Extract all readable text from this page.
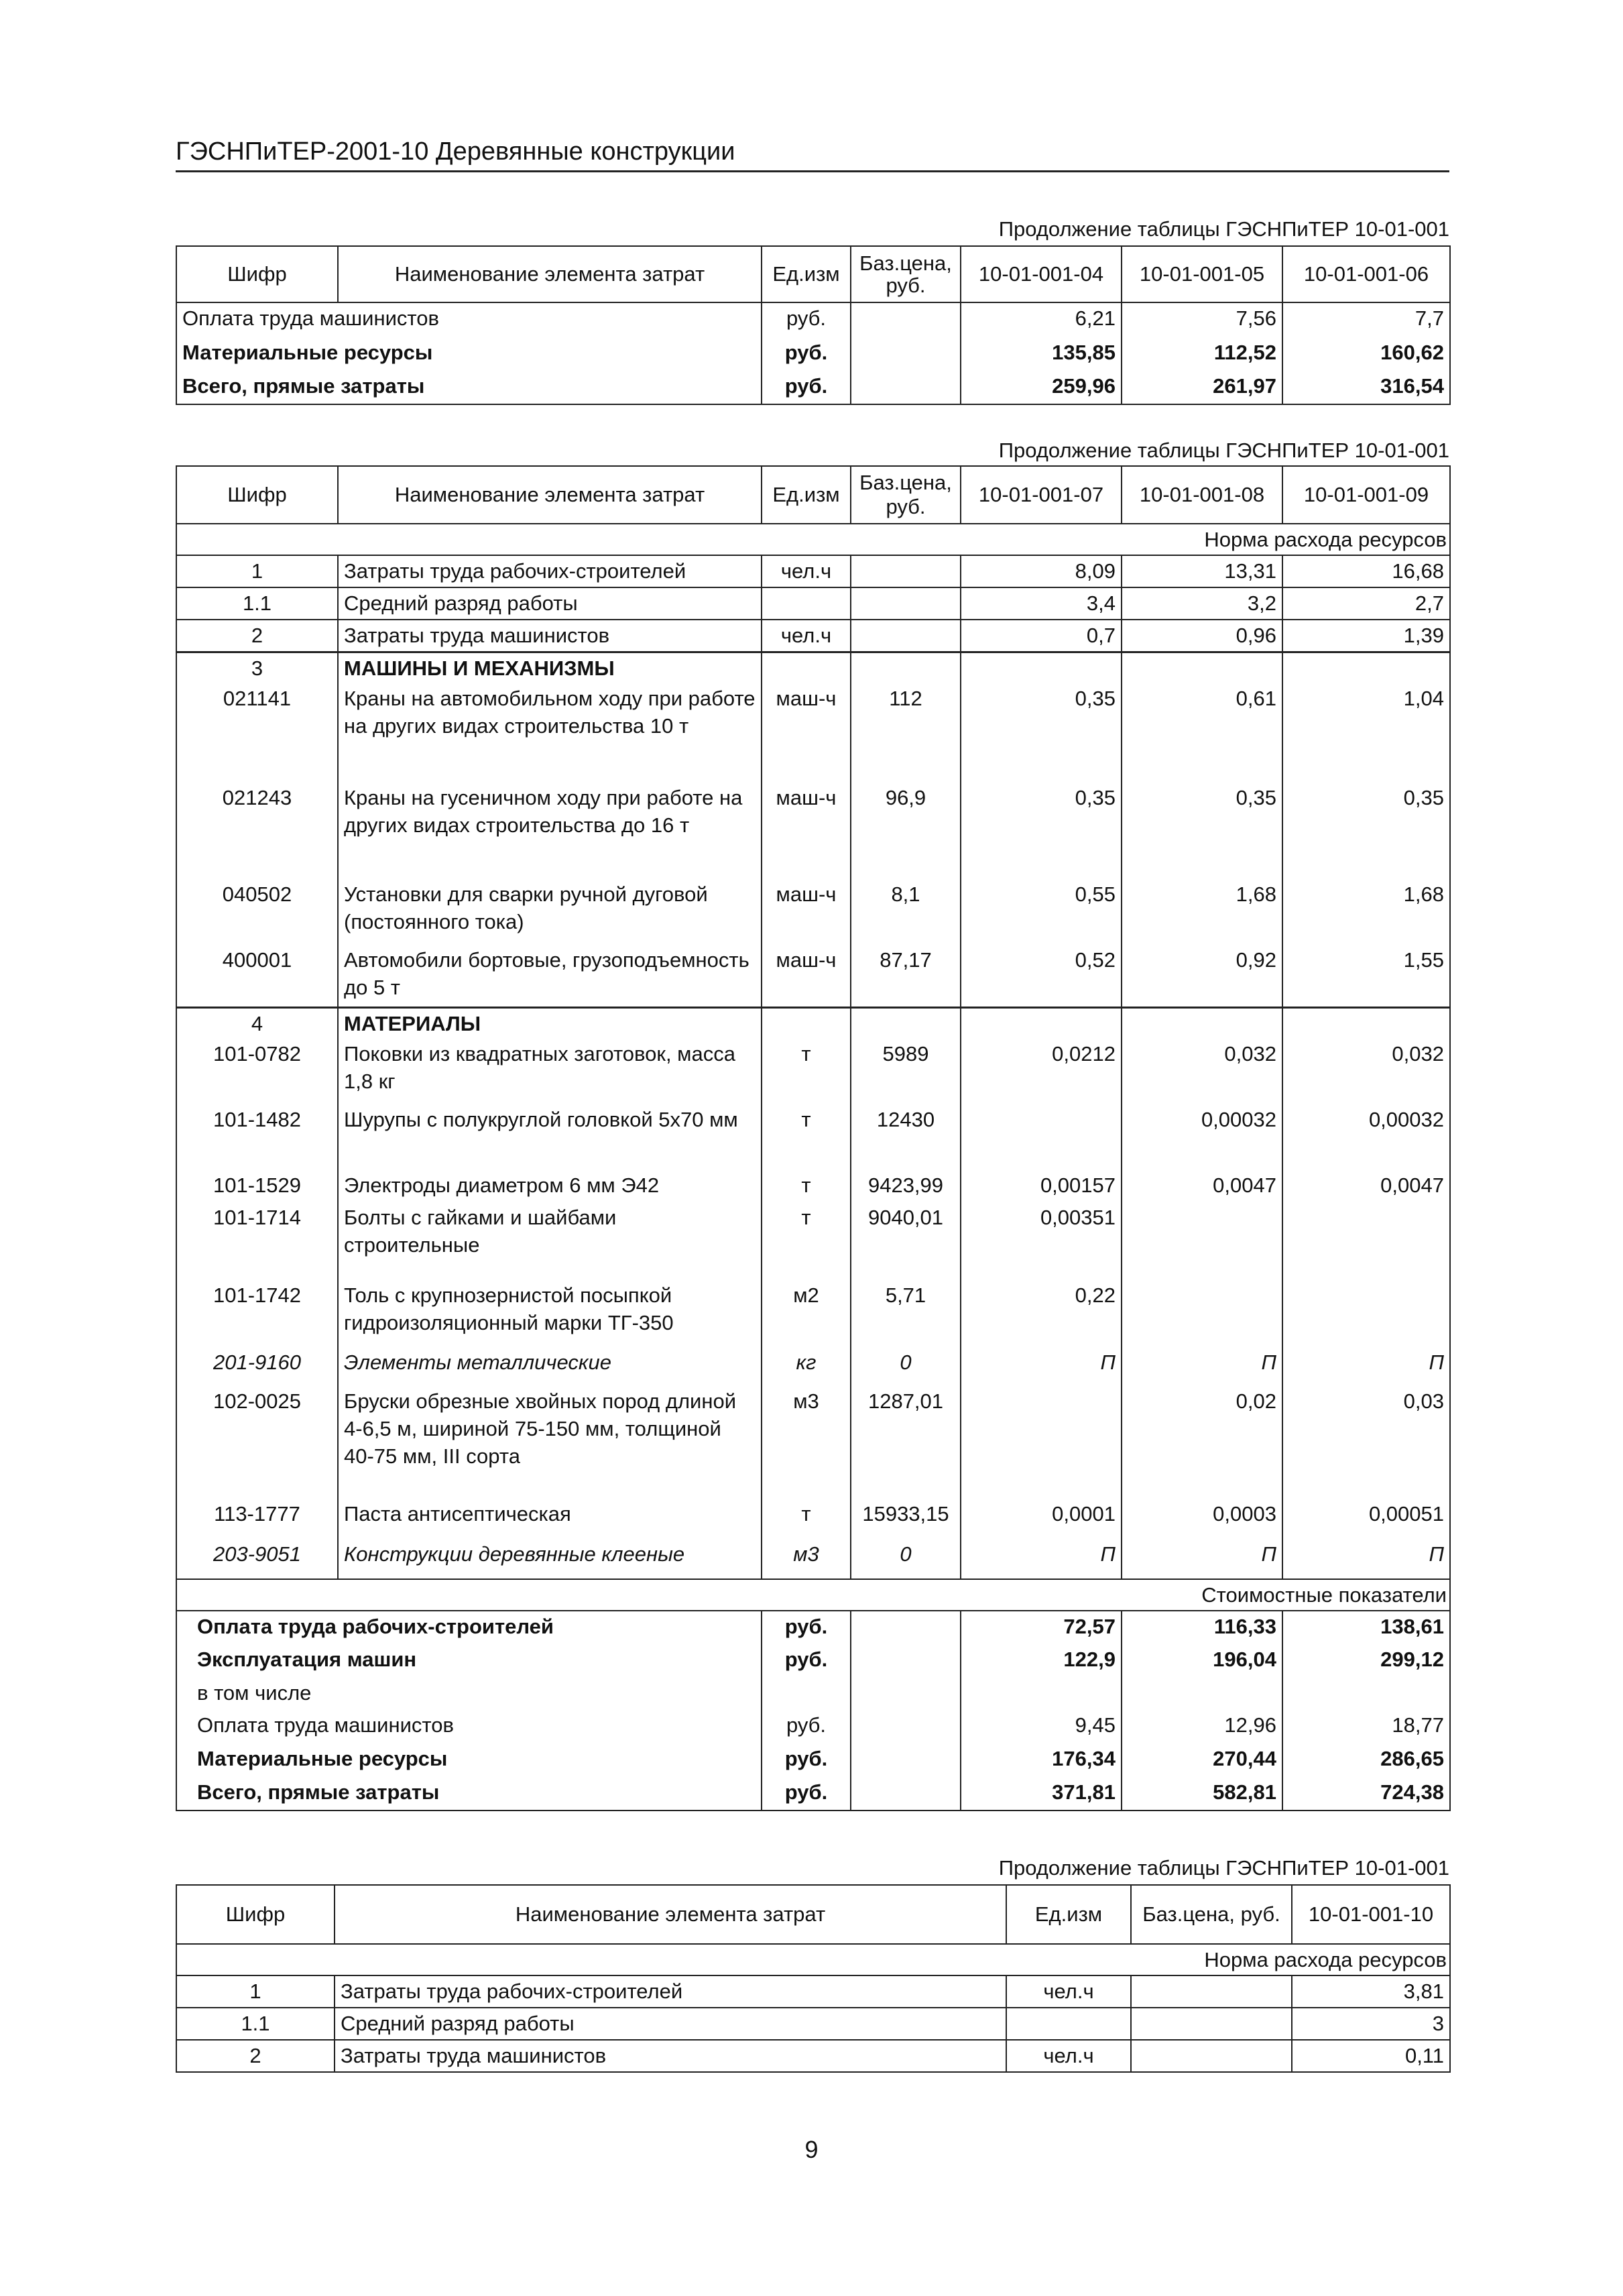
ГЭСНПиТЕР-2001-10 Деревянные конструкции
Продолжение таблицы ГЭСНПиТЕР 10-01-001
Шифр	Наименование элемента затрат	Ед.изм	Баз.цена, руб.	10-01-001-04	10-01-001-05	10-01-001-06
Оплата труда машинистов		руб.		6,21	7,56	7,7
Материальные ресурсы		руб.		135,85	112,52	160,62
Всего, прямые затраты		руб.		259,96	261,97	316,54
Продолжение таблицы ГЭСНПиТЕР 10-01-001
Шифр	Наименование элемента затрат	Ед.изм	Баз.цена, руб.	10-01-001-07	10-01-001-08	10-01-001-09
Норма расхода ресурсов						
1	Затраты труда рабочих-строителей	чел.ч		8,09	13,31	16,68
1.1	Средний разряд работы			3,4	3,2	2,7
2	Затраты труда машинистов	чел.ч		0,7	0,96	1,39
3	МАШИНЫ И МЕХАНИЗМЫ					
021141	Краны на автомобильном ходу при работе на других видах строительства 10 т	маш-ч	112	0,35	0,61	1,04
021243	Краны на гусеничном ходу при работе на других видах строительства до 16 т	маш-ч	96,9	0,35	0,35	0,35
040502	Установки для сварки ручной дуговой (постоянного тока)	маш-ч	8,1	0,55	1,68	1,68
400001	Автомобили бортовые, грузоподъемность до 5 т	маш-ч	87,17	0,52	0,92	1,55
4	МАТЕРИАЛЫ					
101-0782	Поковки из квадратных заготовок, масса 1,8 кг	т	5989	0,0212	0,032	0,032
101-1482	Шурупы с полукруглой головкой 5х70 мм	т	12430		0,00032	0,00032
101-1529	Электроды диаметром 6 мм Э42	т	9423,99	0,00157	0,0047	0,0047
101-1714	Болты с гайками и шайбами строительные	т	9040,01	0,00351		
101-1742	Толь с крупнозернистой посыпкой гидроизоляционный марки ТГ-350	м2	5,71	0,22		
201-9160	Элементы металлические	кг	0	П	П	П
102-0025	Бруски обрезные хвойных пород длиной 4-6,5 м, шириной 75-150 мм, толщиной 40-75 мм, III сорта	м3	1287,01		0,02	0,03
113-1777	Паста антисептическая	т	15933,15	0,0001	0,0003	0,00051
203-9051	Конструкции деревянные клееные	м3	0	П	П	П
Стоимостные показатели						
Оплата труда рабочих-строителей		руб.		72,57	116,33	138,61
Эксплуатация машин		руб.		122,9	196,04	299,12
в том числе						
Оплата труда машинистов		руб.		9,45	12,96	18,77
Материальные ресурсы		руб.		176,34	270,44	286,65
Всего, прямые затраты		руб.		371,81	582,81	724,38
Продолжение таблицы ГЭСНПиТЕР 10-01-001
Шифр	Наименование элемента затрат	Ед.изм	Баз.цена, руб.	10-01-001-10
Норма расхода ресурсов				
1	Затраты труда рабочих-строителей	чел.ч		3,81
1.1	Средний разряд работы			3
2	Затраты труда машинистов	чел.ч		0,11
9
